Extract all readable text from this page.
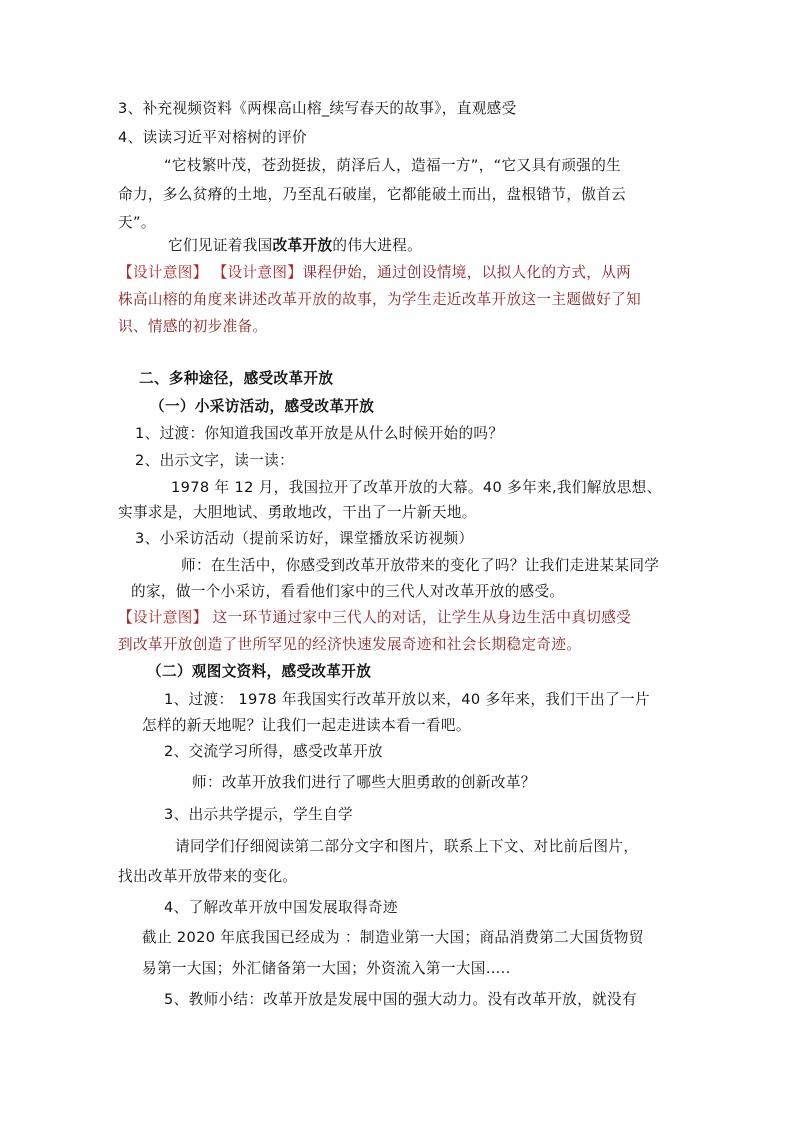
3、补充视频资料《两棵高山榕_续写春天的故事》，直观感受
4、读读习近平对榕树的评价
“它枝繁叶茂，苍劲挺拔，荫泽后人，造福一方”，“它又具有顽强的生
命力，多么贫瘠的土地，乃至乱石破崖，它都能破土而出，盘根错节，傲首云
天”。
它们见证着我国改革开放的伟大进程。
【设计意图】 【设计意图】课程伊始，通过创设情境，以拟人化的方式，从两
株高山榕的角度来讲述改革开放的故事，为学生走近改革开放这一主题做好了知
识、情感的初步准备。
二、多种途径，感受改革开放
（一）小采访活动，感受改革开放
1、过渡：你知道我国改革开放是从什么时候开始的吗？
2、出示文字，读一读：
1978 年 12 月，我国拉开了改革开放的大幕。40 多年来,我们解放思想、
实事求是，大胆地试、勇敢地改，干出了一片新天地。
3、小采访活动（提前采访好，课堂播放采访视频）
师：在生活中，你感受到改革开放带来的变化了吗？让我们走进某某同学
的家，做一个小采访，看看他们家中的三代人对改革开放的感受。
【设计意图】 这一环节通过家中三代人的对话，让学生从身边生活中真切感受
到改革开放创造了世所罕见的经济快速发展奇迹和社会长期稳定奇迹。
（二）观图文资料，感受改革开放
1、过渡： 1978 年我国实行改革开放以来，40 多年来，我们干出了一片
怎样的新天地呢？让我们一起走进读本看一看吧。
2、交流学习所得，感受改革开放
师：改革开放我们进行了哪些大胆勇敢的创新改革？
3、出示共学提示，学生自学
请同学们仔细阅读第二部分文字和图片，联系上下文、对比前后图片，
找出改革开放带来的变化。
4、了解改革开放中国发展取得奇迹
截止 2020 年底我国已经成为 ：制造业第一大国；商品消费第二大国货物贸
易第一大国；外汇储备第一大国；外资流入第一大国…..
5、教师小结：改革开放是发展中国的强大动力。没有改革开放，就没有
